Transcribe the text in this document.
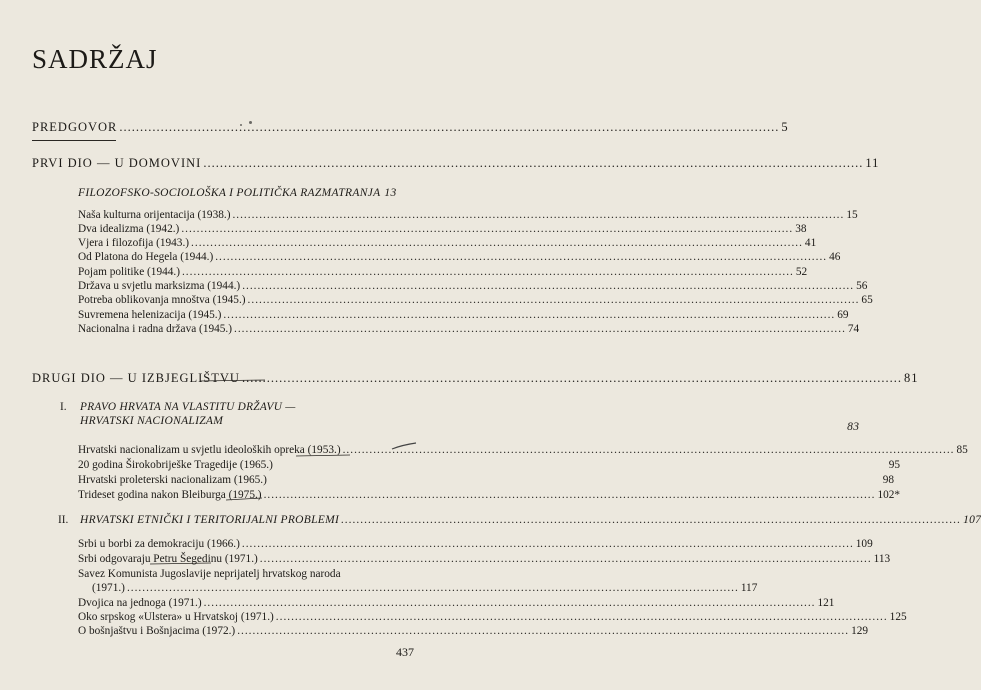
SADRŽAJ
PREDGOVOR .....	5
PRVI DIO — U DOMOVINI .....	11
FILOZOFSKO-SOCIOLOŠKA I POLITIČKA RAZMATRANJA 13
Naša kulturna orijentacija (1938.) .....	15
Dva idealizma (1942.) .....	38
Vjera i filozofija (1943.) .....	41
Od Platona do Hegela (1944.) .....	46
Pojam politike (1944.) .....	52
Država u svjetlu marksizma (1944.) .....	56
Potreba oblikovanja mnoštva (1945.) .....	65
Suvremena helenizacija (1945.) .....	69
Nacionalna i radna država (1945.) .....	74
DRUGI DIO — U IZBJEGLIŠTVU .....	81
I. PRAVO HRVATA NA VLASTITU DRŽAVU —
HRVATSKI NACIONALIZAM	83
Hrvatski nacionalizam u svjetlu ideoloških opreka (1953.) .....	85
20 godina Širokobriješke Tragedije (1965.)	95
Hrvatski proleterski nacionalizam (1965.)	98
Trideset godina nakon Bleiburga (1975.) .....	102*
II. HRVATSKI ETNIČKI I TERITORIJALNI PROBLEMI .....	107
Srbi u borbi za demokraciju (1966.) .....	109
Srbi odgovaraju Petru Šegedinu (1971.) .....	113
Savez Komunista Jugoslavije neprijatelj hrvatskog naroda
(1971.) .....	117
Dvojica na jednoga (1971.) .....	121
Oko srpskog «Ulstera» u Hrvatskoj (1971.) .....	125
O bošnjaštvu i Bošnjacima (1972.) .....	129
437
